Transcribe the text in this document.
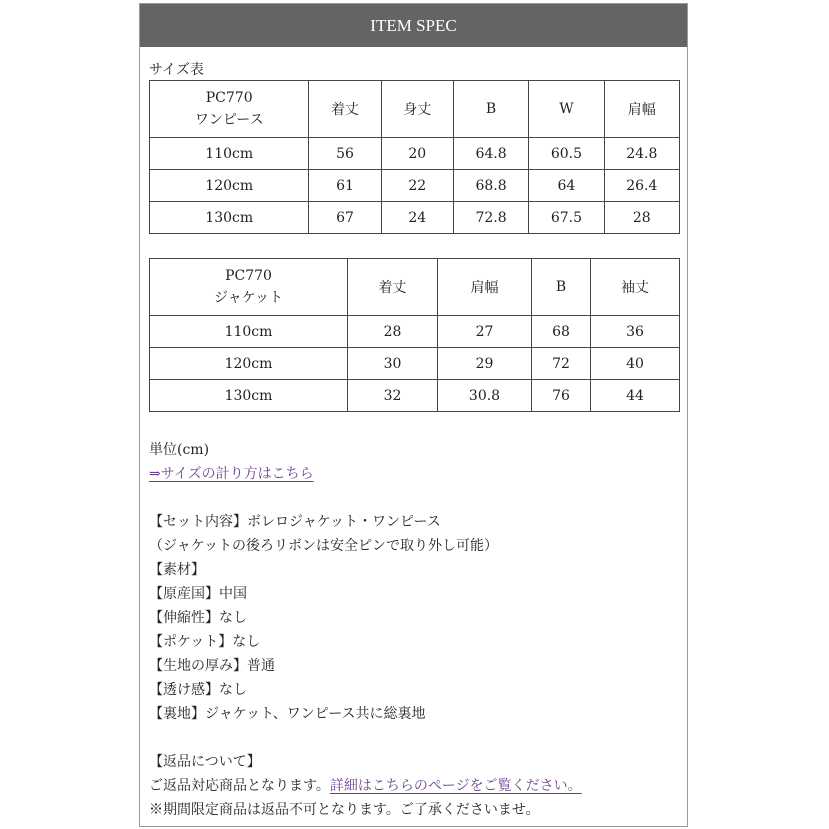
ITEM SPEC
サイズ表
PC770
ワンピース	着丈	身丈	B	W	肩幅
110cm	56	20	64.8	60.5	24.8
120cm	61	22	68.8	64	26.4
130cm	67	24	72.8	67.5	28
PC770
ジャケット	着丈	肩幅	B	袖丈
110cm	28	27	68	36
120cm	30	29	72	40
130cm	32	30.8	76	44
単位(cm)
⇒サイズの計り方はこちら
【セット内容】ボレロジャケット・ワンピース
（ジャケットの後ろリボンは安全ピンで取り外し可能）
【素材】
【原産国】中国
【伸縮性】なし
【ポケット】なし
【生地の厚み】普通
【透け感】なし
【裏地】ジャケット、ワンピース共に総裏地
【返品について】
ご返品対応商品となります。詳細はこちらのページをご覧ください。
※期間限定商品は返品不可となります。ご了承くださいませ。
